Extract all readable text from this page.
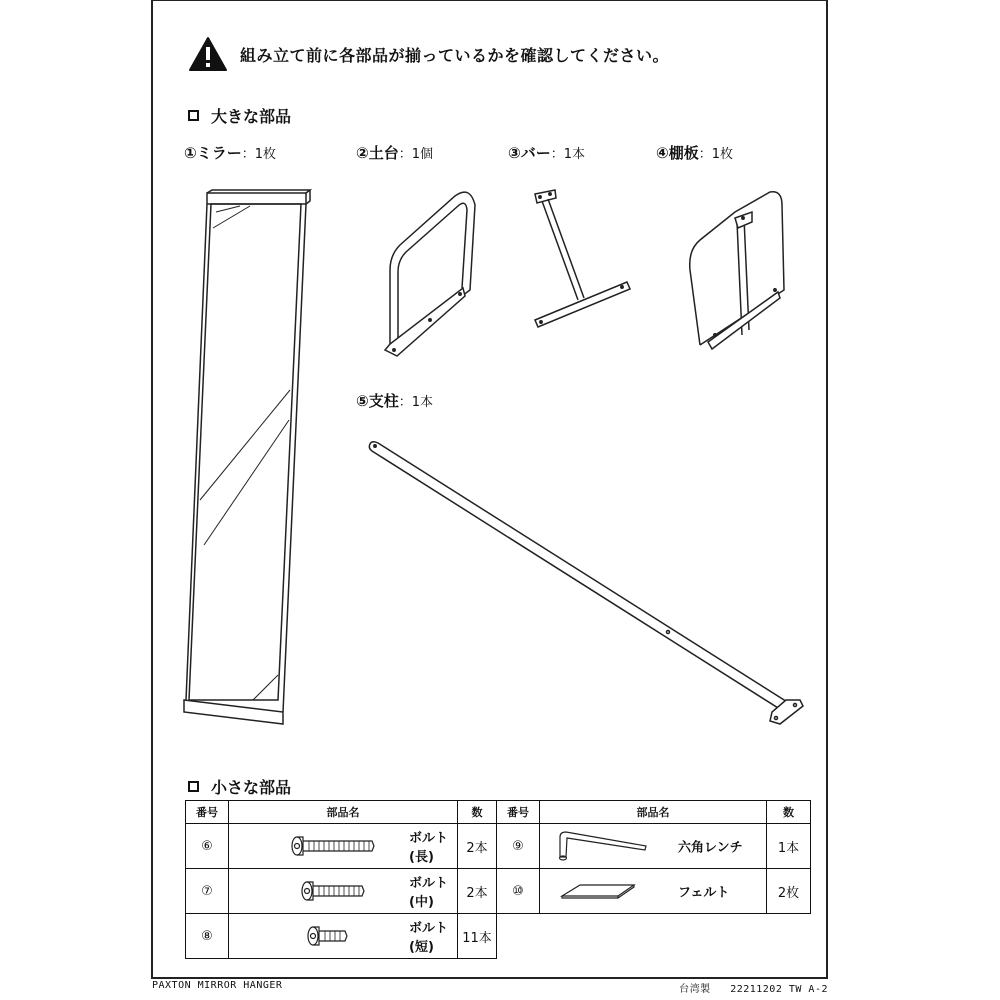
組み立て前に各部品が揃っているかを確認してください。
大きな部品
①ミラー：1枚	②土台：1個	③バー：1本	④棚板：1枚
⑤支柱：1本
小さな部品
番号	部品名	数	番号	部品名	数
⑥	ボルト(長)	2本	⑨	六角レンチ	1本
⑦	ボルト(中)	2本	⑩	フェルト	2枚
⑧	ボルト(短)	11本			
PAXTON MIRROR HANGER	台湾製 22211202 TW A-2
